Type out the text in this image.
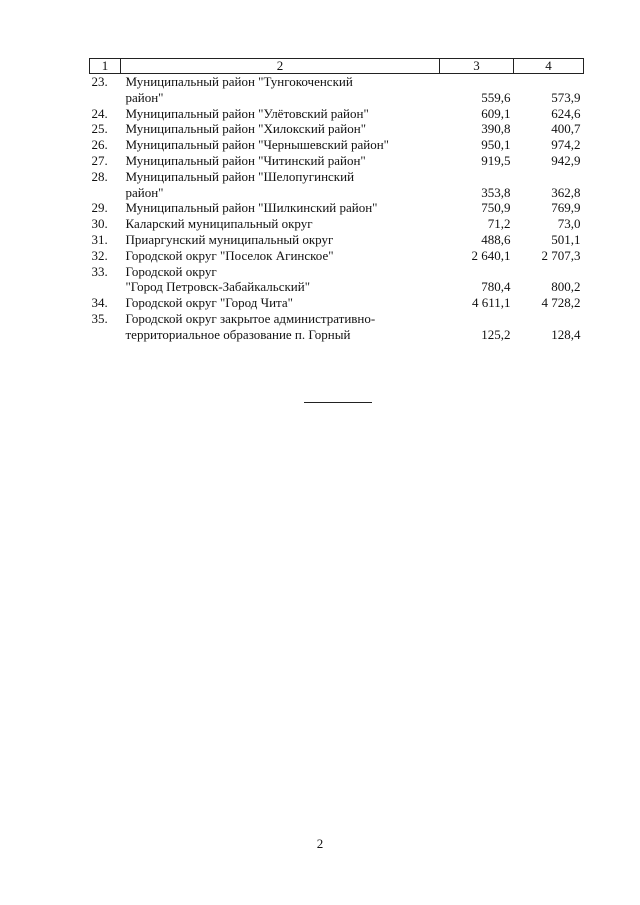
1	2	3	4
23.	Муниципальный район "Тунгокоченский
район"	559,6	573,9
24.	Муниципальный район "Улётовский район"	609,1	624,6
25.	Муниципальный район "Хилокский район"	390,8	400,7
26.	Муниципальный район "Чернышевский район"	950,1	974,2
27.	Муниципальный район "Читинский район"	919,5	942,9
28.	Муниципальный район "Шелопугинский
район"	353,8	362,8
29.	Муниципальный район "Шилкинский район"	750,9	769,9
30.	Каларский муниципальный округ	71,2	73,0
31.	Приаргунский муниципальный округ	488,6	501,1
32.	Городской округ "Поселок Агинское"	2 640,1	2 707,3
33.	Городской округ
"Город Петровск-Забайкальский"	780,4	800,2
34.	Городской округ "Город Чита"	4 611,1	4 728,2
35.	Городской округ закрытое административно-
территориальное образование п. Горный	125,2	128,4
2
